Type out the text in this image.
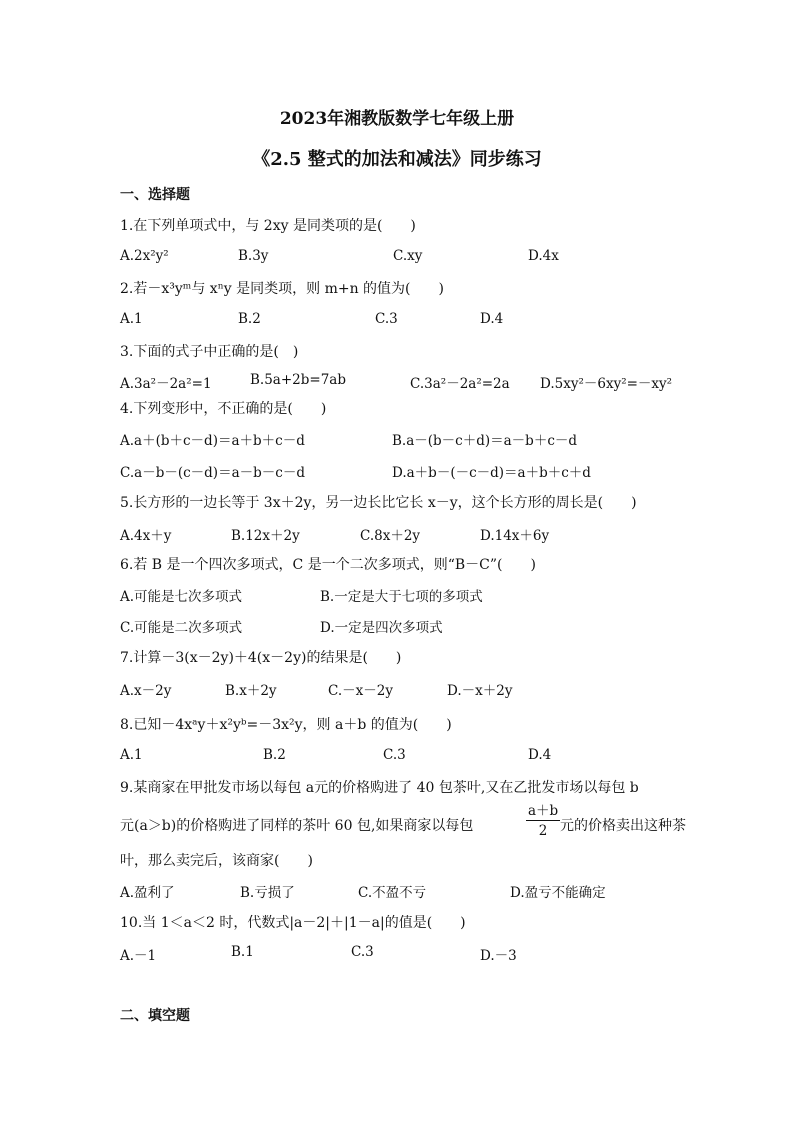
2023年湘教版数学七年级上册
《2.5 整式的加法和减法》同步练习
一、选择题
1.在下列单项式中，与 2xy 是同类项的是(　　)
A.2x²y²	B.3y	C.xy	D.4x
2.若－x³yᵐ与 xⁿy 是同类项，则 m+n 的值为(　　)
A.1	B.2	C.3	D.4
3.下面的式子中正确的是(　)
A.3a²－2a²=1	B.5a+2b=7ab	C.3a²－2a²=2a D.5xy²－6xy²=－xy²
4.下列变形中，不正确的是(　　)
A.a＋(b＋c－d)＝a＋b＋c－d	B.a－(b－c＋d)＝a－b＋c－d
C.a－b－(c－d)＝a－b－c－d	D.a＋b－(－c－d)＝a＋b＋c＋d
5.长方形的一边长等于 3x＋2y，另一边长比它长 x－y，这个长方形的周长是(　　)
A.4x＋y	B.12x＋2y	C.8x＋2y	D.14x＋6y
6.若 B 是一个四次多项式，C 是一个二次多项式，则“B－C”(　　)
A.可能是七次多项式	B.一定是大于七项的多项式
C.可能是二次多项式	D.一定是四次多项式
7.计算－3(x－2y)＋4(x－2y)的结果是(　　)
A.x－2y	B.x＋2y	C.－x－2y	D.－x＋2y
8.已知－4xᵃy＋x²yᵇ=－3x²y，则 a＋b 的值为(　　)
A.1	B.2	C.3	D.4
9.某商家在甲批发市场以每包 a元的价格购进了 40 包茶叶,又在乙批发市场以每包 b
元(a＞b)的价格购进了同样的茶叶 60 包,如果商家以每包	$\frac{a+b}{2}$ 元的价格卖出这种茶
叶，那么卖完后，该商家(　　)
A.盈利了	B.亏损了	C.不盈不亏	D.盈亏不能确定
10.当 1＜a＜2 时，代数式|a－2|＋|1－a|的值是(　　)
A.－1	B.1	C.3	D.－3
二、填空题
